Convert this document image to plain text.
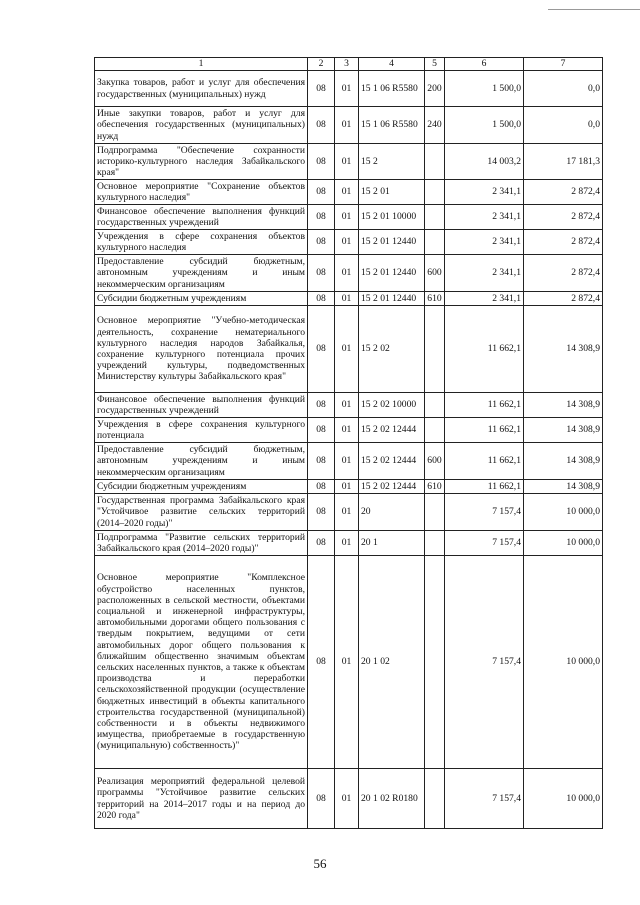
1	2	3	4	5	6	7
Закупка товаров, работ и услуг для обеспечения государственных (муниципальных) нужд	08	01	15 1 06 R5580	200	1 500,0	0,0
Иные закупки товаров, работ и услуг для обеспечения государственных (муниципальных) нужд	08	01	15 1 06 R5580	240	1 500,0	0,0
Подпрограмма "Обеспечение сохранности историко-культурного наследия Забайкальского края"	08	01	15 2		14 003,2	17 181,3
Основное мероприятие "Сохранение объектов культурного наследия"	08	01	15 2 01		2 341,1	2 872,4
Финансовое обеспечение выполнения функций государственных учреждений	08	01	15 2 01 10000		2 341,1	2 872,4
Учреждения в сфере сохранения объектов культурного наследия	08	01	15 2 01 12440		2 341,1	2 872,4
Предоставление субсидий бюджетным, автономным учреждениям и иным некоммерческим организациям	08	01	15 2 01 12440	600	2 341,1	2 872,4
Субсидии бюджетным учреждениям	08	01	15 2 01 12440	610	2 341,1	2 872,4
Основное мероприятие "Учебно-методическая деятельность, сохранение нематериального культурного наследия народов Забайкалья, сохранение культурного потенциала прочих учреждений культуры, подведомственных Министерству культуры Забайкальского края"	08	01	15 2 02		11 662,1	14 308,9
Финансовое обеспечение выполнения функций государственных учреждений	08	01	15 2 02 10000		11 662,1	14 308,9
Учреждения в сфере сохранения культурного потенциала	08	01	15 2 02 12444		11 662,1	14 308,9
Предоставление субсидий бюджетным, автономным учреждениям и иным некоммерческим организациям	08	01	15 2 02 12444	600	11 662,1	14 308,9
Субсидии бюджетным учреждениям	08	01	15 2 02 12444	610	11 662,1	14 308,9
Государственная программа Забайкальского края "Устойчивое развитие сельских территорий (2014–2020 годы)"	08	01	20		7 157,4	10 000,0
Подпрограмма "Развитие сельских территорий Забайкальского края (2014–2020 годы)"	08	01	20 1		7 157,4	10 000,0
Основное мероприятие "Комплексное обустройство населенных пунктов, расположенных в сельской местности, объектами социальной и инженерной инфраструктуры, автомобильными дорогами общего пользования с твердым покрытием, ведущими от сети автомобильных дорог общего пользования к ближайшим общественно значимым объектам сельских населенных пунктов, а также к объектам производства и переработки сельскохозяйственной продукции (осуществление бюджетных инвестиций в объекты капитального строительства государственной (муниципальной) собственности и в объекты недвижимого имущества, приобретаемые в государственную (муниципальную) собственность)"	08	01	20 1 02		7 157,4	10 000,0
Реализация мероприятий федеральной целевой программы "Устойчивое развитие сельских территорий на 2014–2017 годы и на период до 2020 года"	08	01	20 1 02 R0180		7 157,4	10 000,0
56
